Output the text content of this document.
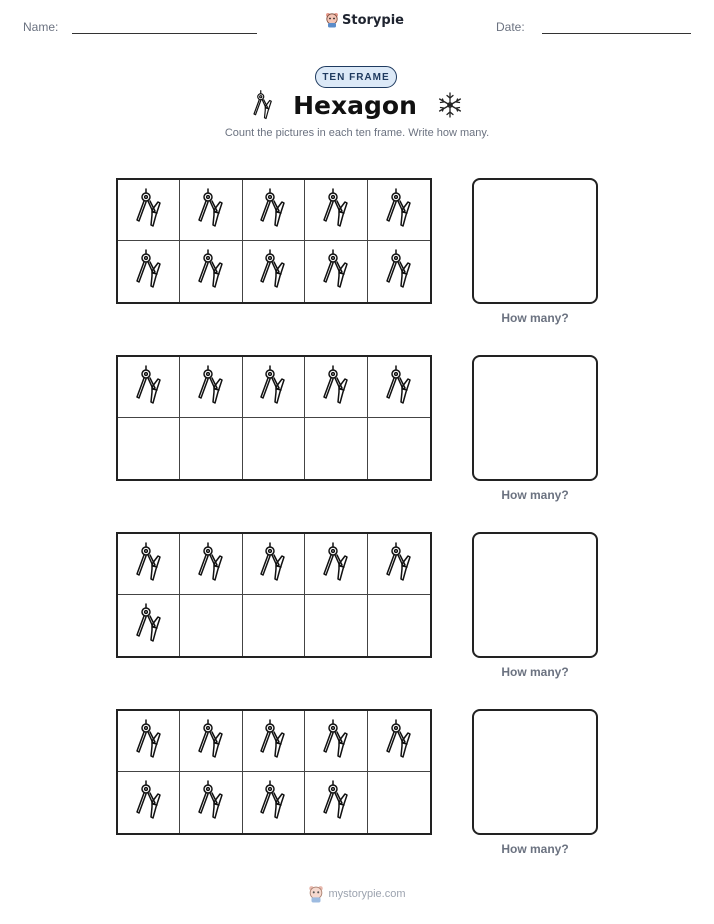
Name:	Storypie	Date:
TEN FRAME
Hexagon
Count the pictures in each ten frame. Write how many.
How many?
How many?
How many?
How many?
mystorypie.com
